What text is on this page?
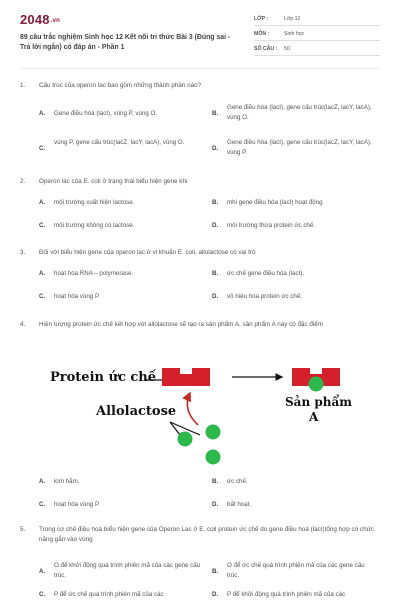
2048.vn
89 câu trắc nghiệm Sinh học 12 Kết nối tri thức Bài 3 (Đúng sai - Trả lời ngắn) có đáp án - Phần 1
LỚP :	Lớp 12
MÔN :	Sinh học
SỐ CÂU : 50
1. Cấu trúc của operon lac bao gồm những thành phần nào?
A. Gene điều hòa (lacI), vùng P, vùng O.	B.
Gene điều hòa (lacI), gene cấu trúc(lacZ, lacY, lacA), vùng O.
C.
vùng P, gene cấu trúc(lacZ, lacY, lacA), vùng O.
D.
Gene điều hòa (lacI), gene cấu trúc(lacZ, lacY, lacA), vùng P.
2. Operon lac của E. coli ở trạng thái biểu hiện gene khi
A. môi trường xuất hiện lactose.	B. mhi gene điều hòa (lacI) hoạt động
C. môi trường không có lactose.	D. môi trường thừa protein ức chế.
3. Đối với biểu hiện gene của operon lac ở vi khuẩn E. coli, allolactose có vai trò
A. hoạt hóa RNA – polymerase.	B. ức chế gene điều hòa (lacI).
C. hoạt hóa vùng P.	D. vô hiệu hóa protein ức chế.
4. Hiện tượng protein ức chế kết hợp với allolactose sẽ tạo ra sản phẩm A, sản phẩm A này có đặc điểm
Protein ức chế
Sản phẩm
A
Allolactose
A. kìm hãm.	B. ức chế.
C. hoạt hóa vùng P.	D. bất hoạt.
5. Trong cơ chế điều hoà biểu hiện gene của Operon Lac ở E. coli protein ức chế do gene điều hoà (lacI)tổng hợp có chức năng gắn vào vùng
A.
O để khởi động quá trình phiên mã của các gene cấu trúc.	B.
O để ức chế quá trình phiên mã của các gene cấu trúc.
C. P để ức chế quá trình phiên mã của các	D. P để khởi động quá trình phiên mã của các
